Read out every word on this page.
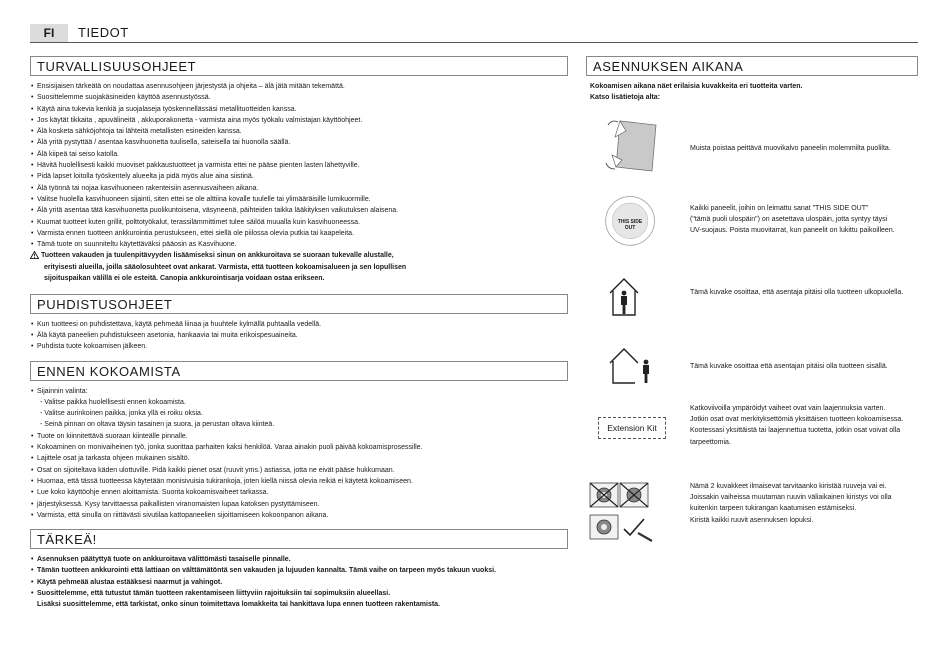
FI	TIEDOT
TURVALLISUUSOHJEET
• Ensisijaisen tärkeätä on noudattaa asennusohjeen järjestystä ja ohjeita – älä jätä mitään tekemättä.
• Suosittelemme suojakäsineiden käyttöä asennustyössä.
• Käytä aina tukevia kenkiä ja suojalaseja työskennellässäsi metallituotteiden kanssa.
• Jos käytät tikkaita , apuvälineitä , akkuporakonetta - varmista aina myös työkalu valmistajan käyttöohjeet.
• Älä kosketa sähköjohtoja tai lähteitä metallisten esineiden kanssa.
• Älä yritä pystyttää / asentaa kasvihuonetta tuulisella, sateisella tai huonolla säällä.
• Älä kiipeä tai seiso katolla.
• Hävitä huolellisesti kaikki muoviset pakkaustuotteet ja varmista ettei ne pääse pienten lasten lähettyville.
• Pidä lapset loitolla työskentely alueelta ja pidä myös alue aina siistinä.
• Älä työnnä tai nojaa kasvihuoneen rakenteisiin asennusvaiheen aikana.
• Valitse huolella kasvihuoneen sijainti, siten ettei se ole alttiina kovalle tuulelle tai ylimääräisille lumikuormille.
• Älä yritä asentaa tätä kasvihuonetta puolikuntoisena, väsyneenä, päihteiden taikka lääkityksen vaikutuksen alaisena.
• Kuumat tuotteet kuten grillit, polttotyökalut, terassilämmittimet tulee säilöä muualla kuin kasvihuoneessa.
• Varmista ennen tuotteen ankkurointia perustukseen, ettei siellä ole piilossa olevia putkia tai kaapeleita.
• Tämä tuote on suunniteltu käytettäväksi pääosin as Kasvihuone.

Tuotteen vakauden ja tuulenpitävyyden lisäämiseksi sinun on ankkuroitava se suoraan tukevalle alustalle,

erityisesti alueilla, joilla sääolosuhteet ovat ankarat. Varmista, että tuotteen kokoamisalueen ja sen lopullisen

sijoituspaikan välillä ei ole esteitä. Canopia ankkurointisarja voidaan ostaa erikseen.

PUHDISTUSOHJEET
• Kun tuotteesi on puhdistettava, käytä pehmeää liinaa ja huuhtele kylmällä puhtaalla vedellä.
• Älä käytä paneelien puhdistukseen asetonia, hankaavia tai muita erikoispesuaineita.
• Puhdista tuote kokoamisen jälkeen.
ENNEN KOKOAMISTA
• Sijainnin valinta:
- Valitse paikka huolellisesti ennen kokoamista.
- Valitse aurinkoinen paikka, jonka yllä ei roiku oksia.
- Seinä pinnan on oltava täysin tasainen ja suora, ja perustan oltava kiinteä.
• Tuote on kiinnitettävä suoraan kiinteälle pinnalle.
• Kokoaminen on monivaiheinen työ, jonka suorittaa parhaiten kaksi henkilöä. Varaa ainakin puoli päivää kokoamisprosessille.
• Lajittele osat ja tarkasta ohjeen mukainen sisältö.
• Osat on sijoiteltava käden ulottuville. Pidä kaikki pienet osat (ruuvit yms.) astiassa, jotta ne eivät pääse hukkumaan.
• Huomaa, että tässä tuotteessa käytetään monisivuisia tukirankoja, joten kiellä niissä olevia reikiä ei käytetä kokoamiseen.
• Lue koko käyttöohje ennen aloittamista. Suorita kokoamisvaiheet tarkassa.
• järjestyksessä. Kysy tarvittaessa paikallisten viranomaisten lupaa katoksen pystyttämiseen.
• Varmista, että sinulla on riittävästi sivutilaa kattopaneelien sijoittamiseen kokoonpanon aikana.
TÄRKEÄ!
• Asennuksen päätyttyä tuote on ankkuroitava välittömästi tasaiselle pinnalle.
• Tämän tuotteen ankkurointi että lattiaan on välttämätöntä sen vakauden ja lujuuden kannalta. Tämä vaihe on tarpeen myös takuun vuoksi.
• Käytä pehmeää alustaa estääksesi naarmut ja vahingot.
• Suosittelemme, että tutustut tämän tuotteen rakentamiseen liittyviin rajoituksiin tai sopimuksiin alueellasi.
Lisäksi suosittelemme, että tarkistat, onko sinun toimitettava lomakkeita tai hankittava lupa ennen tuotteen rakentamista.
ASENNUKSEN AIKANA

Kokoamisen aikana näet erilaisia kuvakkeita eri tuotteita varten.

Katso lisätietoja alta:

Muista poistaa peittävä muovikalvo paneelin molemmilta puolilta.

THIS SIDE
OUT

Kaikki paneelit, joihin on leimattu sanat "THIS SIDE OUT"

("tämä puoli ulospäin") on asetettava ulospäin, jotta syntyy täysi

UV-suojaus. Poista muovitarrat, kun paneelit on lukittu paikoilleen.

Tämä kuvake osoittaa, että asentaja pitäisi olla tuotteen ulkopuolella.

Tämä kuvake osoittaa että asentajan pitäisi olla tuotteen sisällä.

Extension Kit

Katkoviivoilla ympäröidyt vaiheet ovat vain laajennuksia varten.

Jotkin osat ovat merkityksettömiä yksittäisen tuotteen kokoamisessa.

Kootessasi yksittäistä tai laajennettua tuotetta, jotkin osat voivat olla

tarpeettomia.

Nämä 2 kuvakkeet ilmaisevat tarvitaanko kiristää ruuveja vai ei.

Joissakin vaiheissa muutaman ruuvin väliaikainen kiristys voi olla

kuitenkin tarpeen tukirangan kaatumisen estämiseksi.

Kiristä kaikki ruuvit asennuksen lopuksi.
